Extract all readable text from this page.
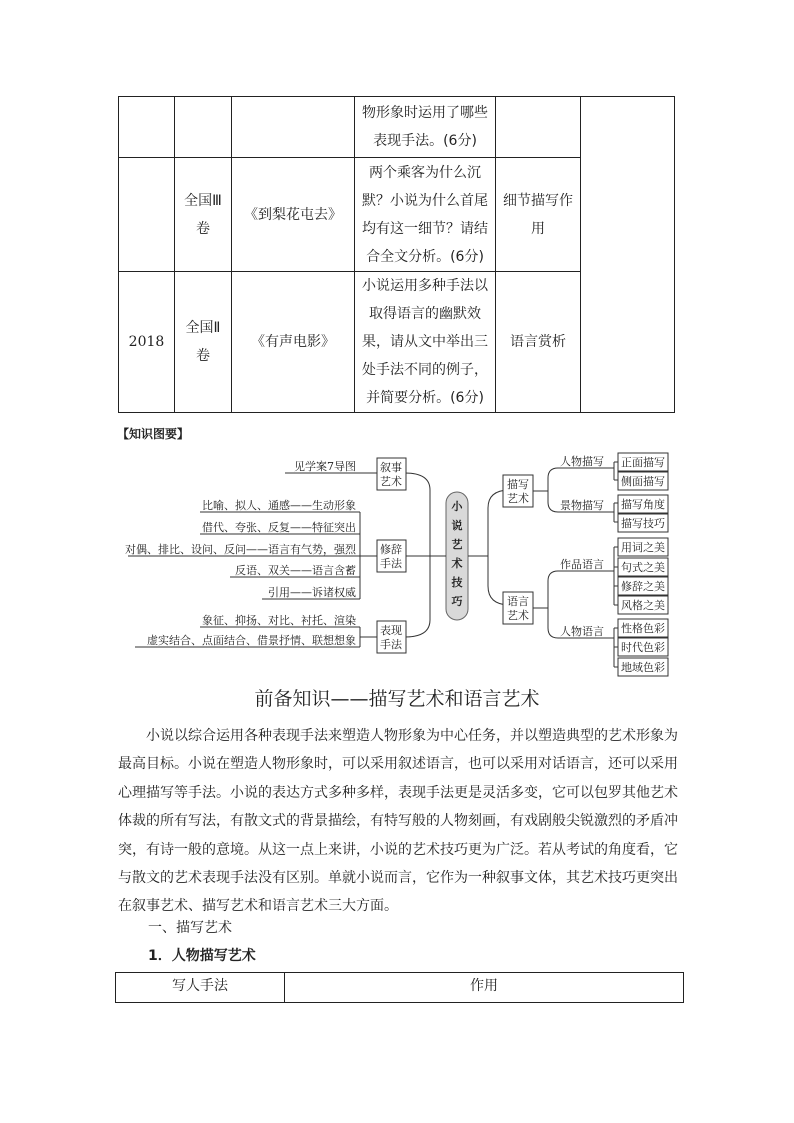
			物形象时运用了哪些表现手法。(6分)		
	全国Ⅲ卷	《到梨花屯去》	两个乘客为什么沉默？小说为什么首尾均有这一细节？请结合全文分析。(6分)	细节描写作用	
2018	全国Ⅱ卷	《有声电影》	小说运用多种手法以取得语言的幽默效果，请从文中举出三处手法不同的例子，并简要分析。(6分)	语言赏析	
【知识图要】
小说艺术技巧
叙事艺术
修辞手法
表现手法
见学案7导图
比喻、拟人、通感——生动形象
借代、夸张、反复——特征突出
对偶、排比、设问、反问——语言有气势，强烈
反语、双关——语言含蓄
引用——诉诸权威
象征、抑扬、对比、衬托、渲染
虚实结合、点面结合、借景抒情、联想想象
描写艺术
语言艺术
人物描写
景物描写
正面描写
侧面描写
描写角度
描写技巧
作品语言
人物语言
用词之美
句式之美
修辞之美
风格之美
性格色彩
时代色彩
地域色彩
前备知识——描写艺术和语言艺术
小说以综合运用各种表现手法来塑造人物形象为中心任务，并以塑造典型的艺术形象为最高目标。小说在塑造人物形象时，可以采用叙述语言，也可以采用对话语言，还可以采用心理描写等手法。小说的表达方式多种多样，表现手法更是灵活多变，它可以包罗其他艺术体裁的所有写法，有散文式的背景描绘，有特写般的人物刻画，有戏剧般尖锐激烈的矛盾冲突，有诗一般的意境。从这一点上来讲，小说的艺术技巧更为广泛。若从考试的角度看，它与散文的艺术表现手法没有区别。单就小说而言，它作为一种叙事文体，其艺术技巧更突出在叙事艺术、描写艺术和语言艺术三大方面。
一、描写艺术
1．人物描写艺术
写人手法	作用
